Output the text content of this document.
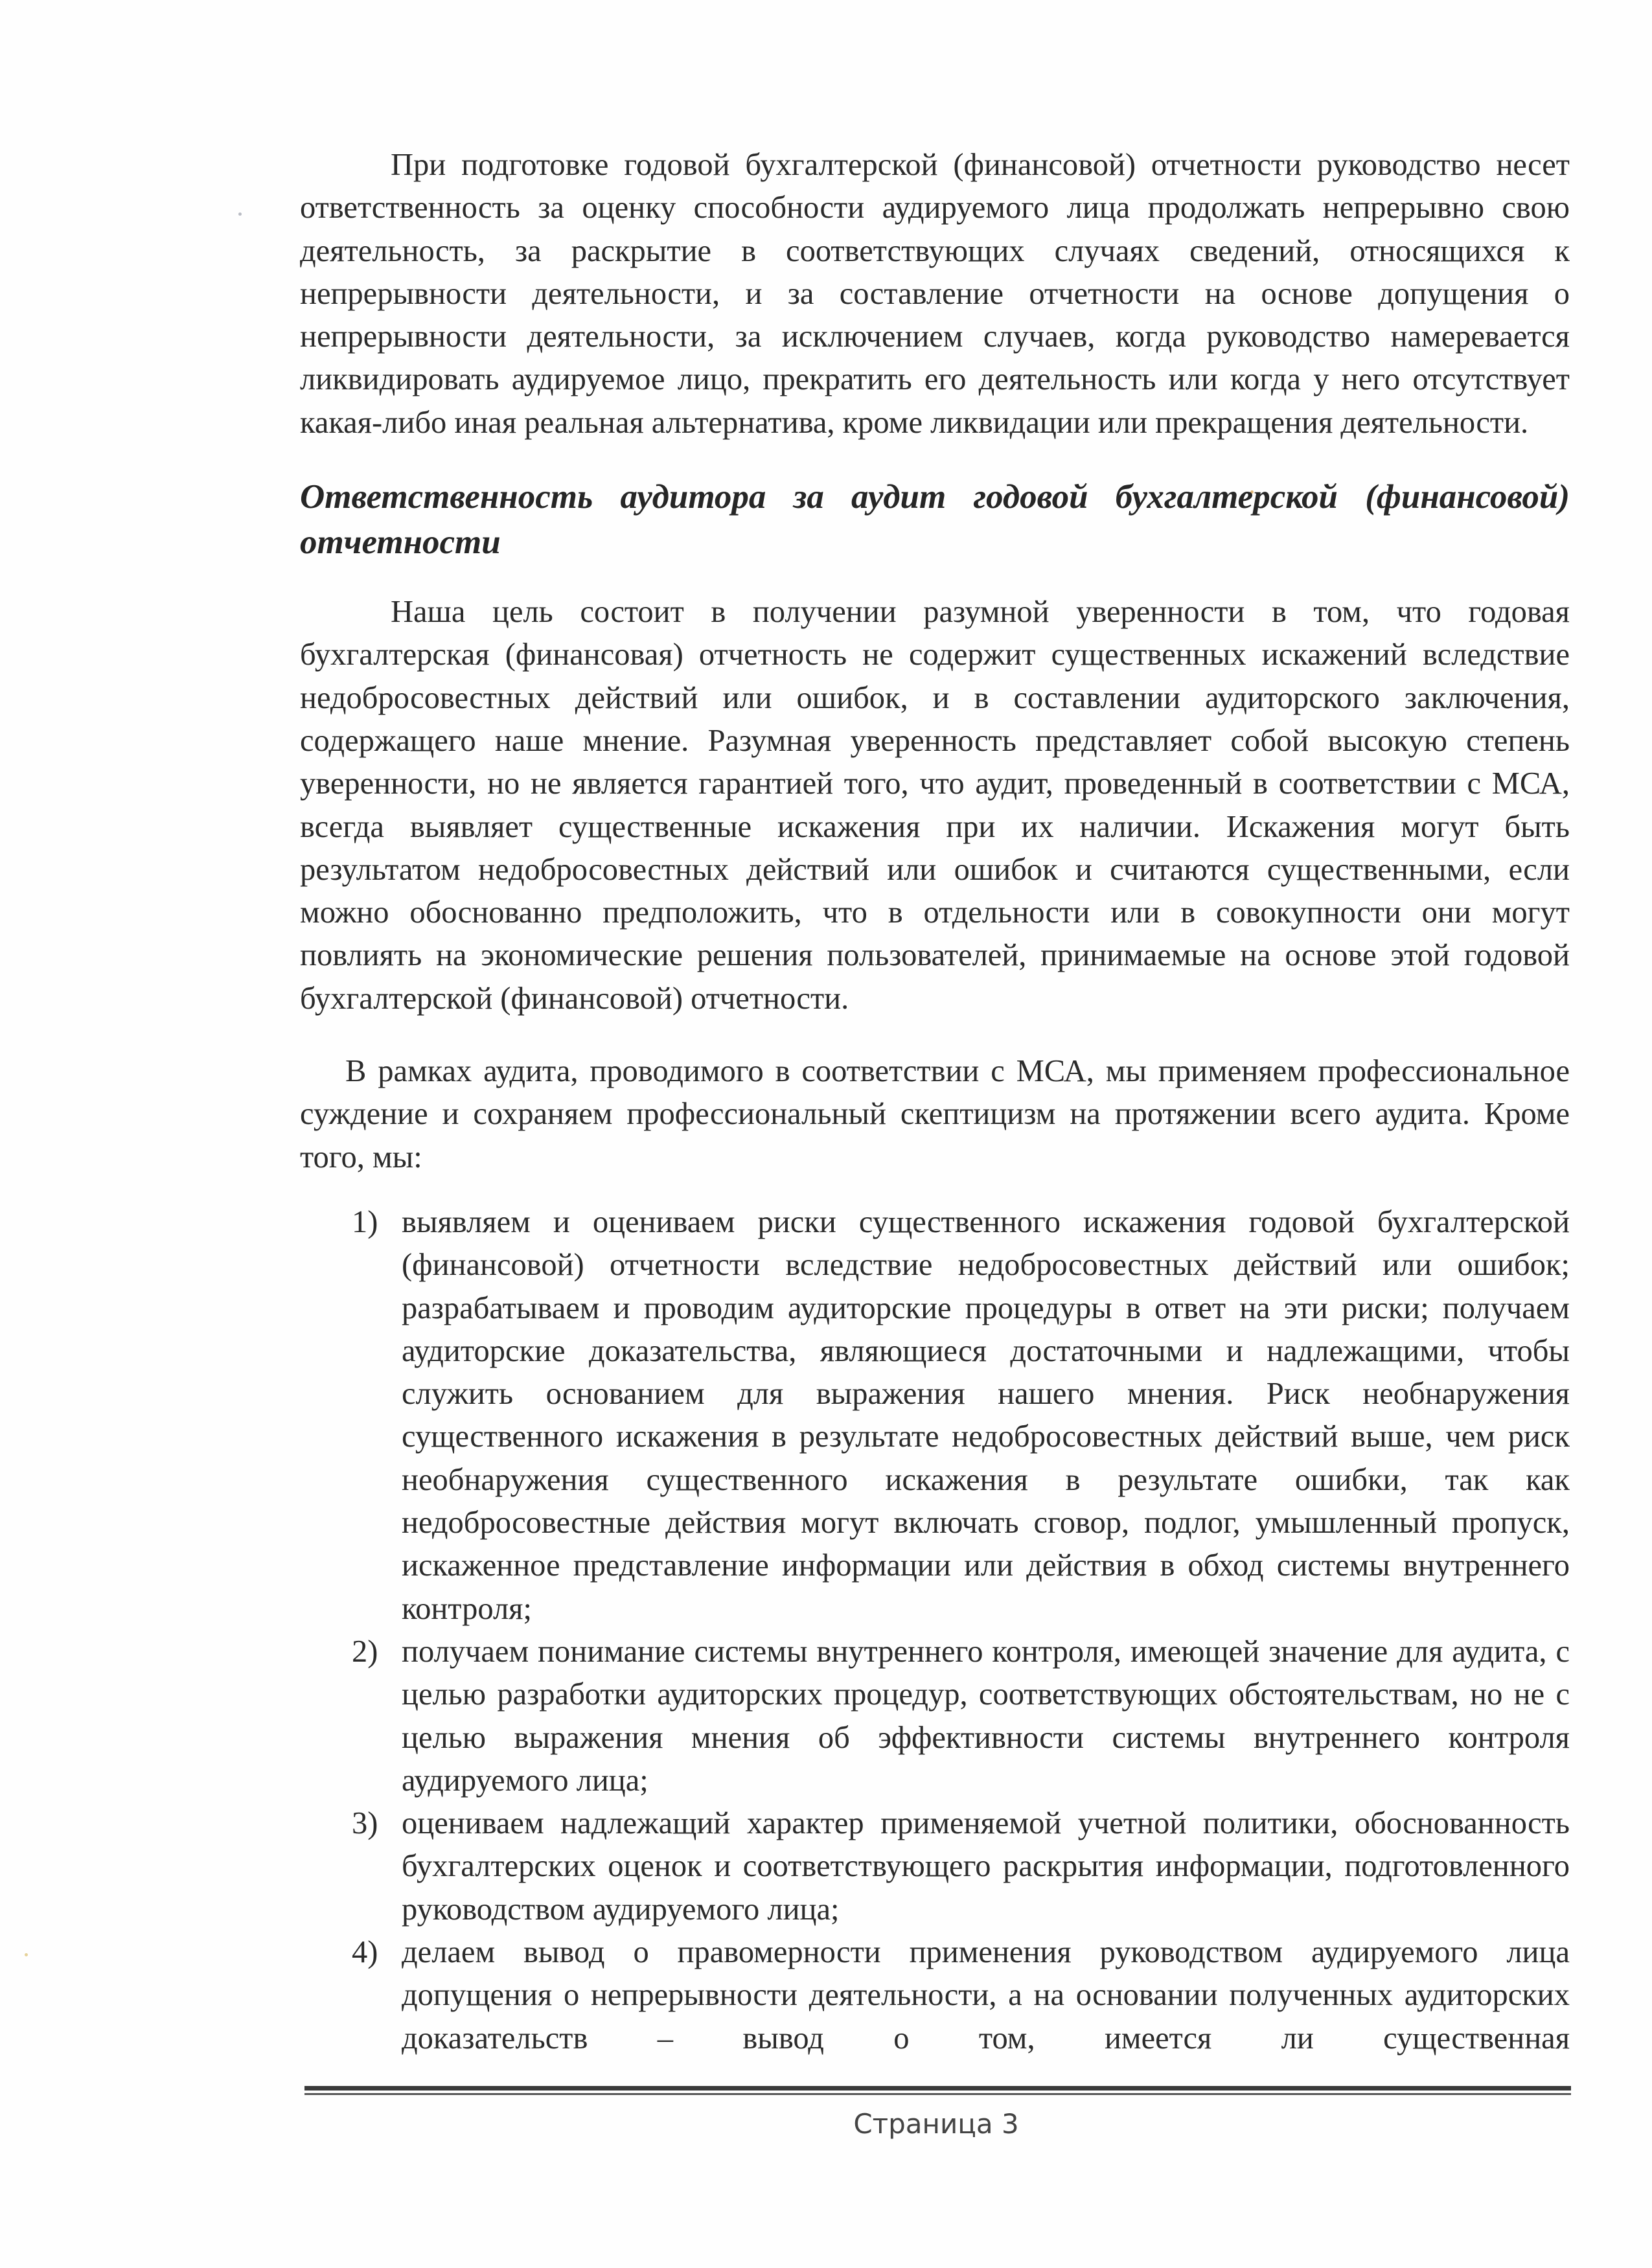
При подготовке годовой бухгалтерской (финансовой) отчетности руководство несет ответственность за оценку способности аудируемого лица продолжать непрерывно свою деятельность, за раскрытие в соответствующих случаях сведений, относящихся к непрерывности деятельности, и за составление отчетности на основе допущения о непрерывности деятельности, за исключением случаев, когда руководство намеревается ликвидировать аудируемое лицо, прекратить его деятельность или когда у него отсутствует какая-либо иная реальная альтернатива, кроме ликвидации или прекращения деятельности.

Ответственность аудитора за аудит годовой бухгалтерской (финансовой) отчетности

Наша цель состоит в получении разумной уверенности в том, что годовая бухгалтерская (финансовая) отчетность не содержит существенных искажений вследствие недобросовестных действий или ошибок, и в составлении аудиторского заключения, содержащего наше мнение. Разумная уверенность представляет собой высокую степень уверенности, но не является гарантией того, что аудит, проведенный в соответствии с МСА, всегда выявляет существенные искажения при их наличии. Искажения могут быть результатом недобросовестных действий или ошибок и считаются существенными, если можно обоснованно предположить, что в отдельности или в совокупности они могут повлиять на экономические решения пользователей, принимаемые на основе этой годовой бухгалтерской (финансовой) отчетности.

В рамках аудита, проводимого в соответствии с МСА, мы применяем профессиональное суждение и сохраняем профессиональный скептицизм на протяжении всего аудита. Кроме того, мы:

1) выявляем и оцениваем риски существенного искажения годовой бухгалтерской (финансовой) отчетности вследствие недобросовестных действий или ошибок; разрабатываем и проводим аудиторские процедуры в ответ на эти риски; получаем аудиторские доказательства, являющиеся достаточными и надлежащими, чтобы служить основанием для выражения нашего мнения. Риск необнаружения существенного искажения в результате недобросовестных действий выше, чем риск необнаружения существенного искажения в результате ошибки, так как недобросовестные действия могут включать сговор, подлог, умышленный пропуск, искаженное представление информации или действия в обход системы внутреннего контроля;
2) получаем понимание системы внутреннего контроля, имеющей значение для аудита, с целью разработки аудиторских процедур, соответствующих обстоятельствам, но не с целью выражения мнения об эффективности системы внутреннего контроля аудируемого лица;
3) оцениваем надлежащий характер применяемой учетной политики, обоснованность бухгалтерских оценок и соответствующего раскрытия информации, подготовленного руководством аудируемого лица;
4) делаем вывод о правомерности применения руководством аудируемого лица допущения о непрерывности деятельности, а на основании полученных аудиторских доказательств – вывод о том, имеется ли существенная
Страница 3
